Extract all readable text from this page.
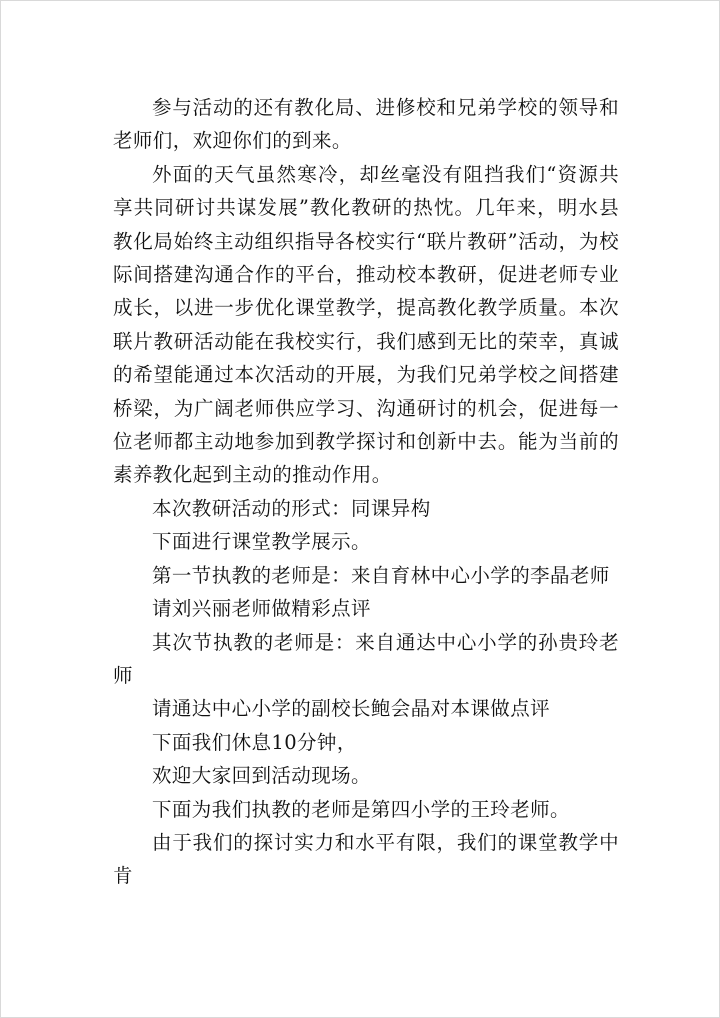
参与活动的还有教化局、进修校和兄弟学校的领导和老师们，欢迎你们的到来。

外面的天气虽然寒冷，却丝毫没有阻挡我们“资源共享共同研讨共谋发展”教化教研的热忱。几年来，明水县教化局始终主动组织指导各校实行“联片教研”活动，为校际间搭建沟通合作的平台，推动校本教研，促进老师专业成长，以进一步优化课堂教学，提高教化教学质量。本次联片教研活动能在我校实行，我们感到无比的荣幸，真诚的希望能通过本次活动的开展，为我们兄弟学校之间搭建桥梁，为广阔老师供应学习、沟通研讨的机会，促进每一位老师都主动地参加到教学探讨和创新中去。能为当前的素养教化起到主动的推动作用。

本次教研活动的形式：同课异构

下面进行课堂教学展示。

第一节执教的老师是：来自育林中心小学的李晶老师

请刘兴丽老师做精彩点评

其次节执教的老师是：来自通达中心小学的孙贵玲老师

请通达中心小学的副校长鲍会晶对本课做点评

下面我们休息10分钟，

欢迎大家回到活动现场。

下面为我们执教的老师是第四小学的王玲老师。

由于我们的探讨实力和水平有限，我们的课堂教学中肯
